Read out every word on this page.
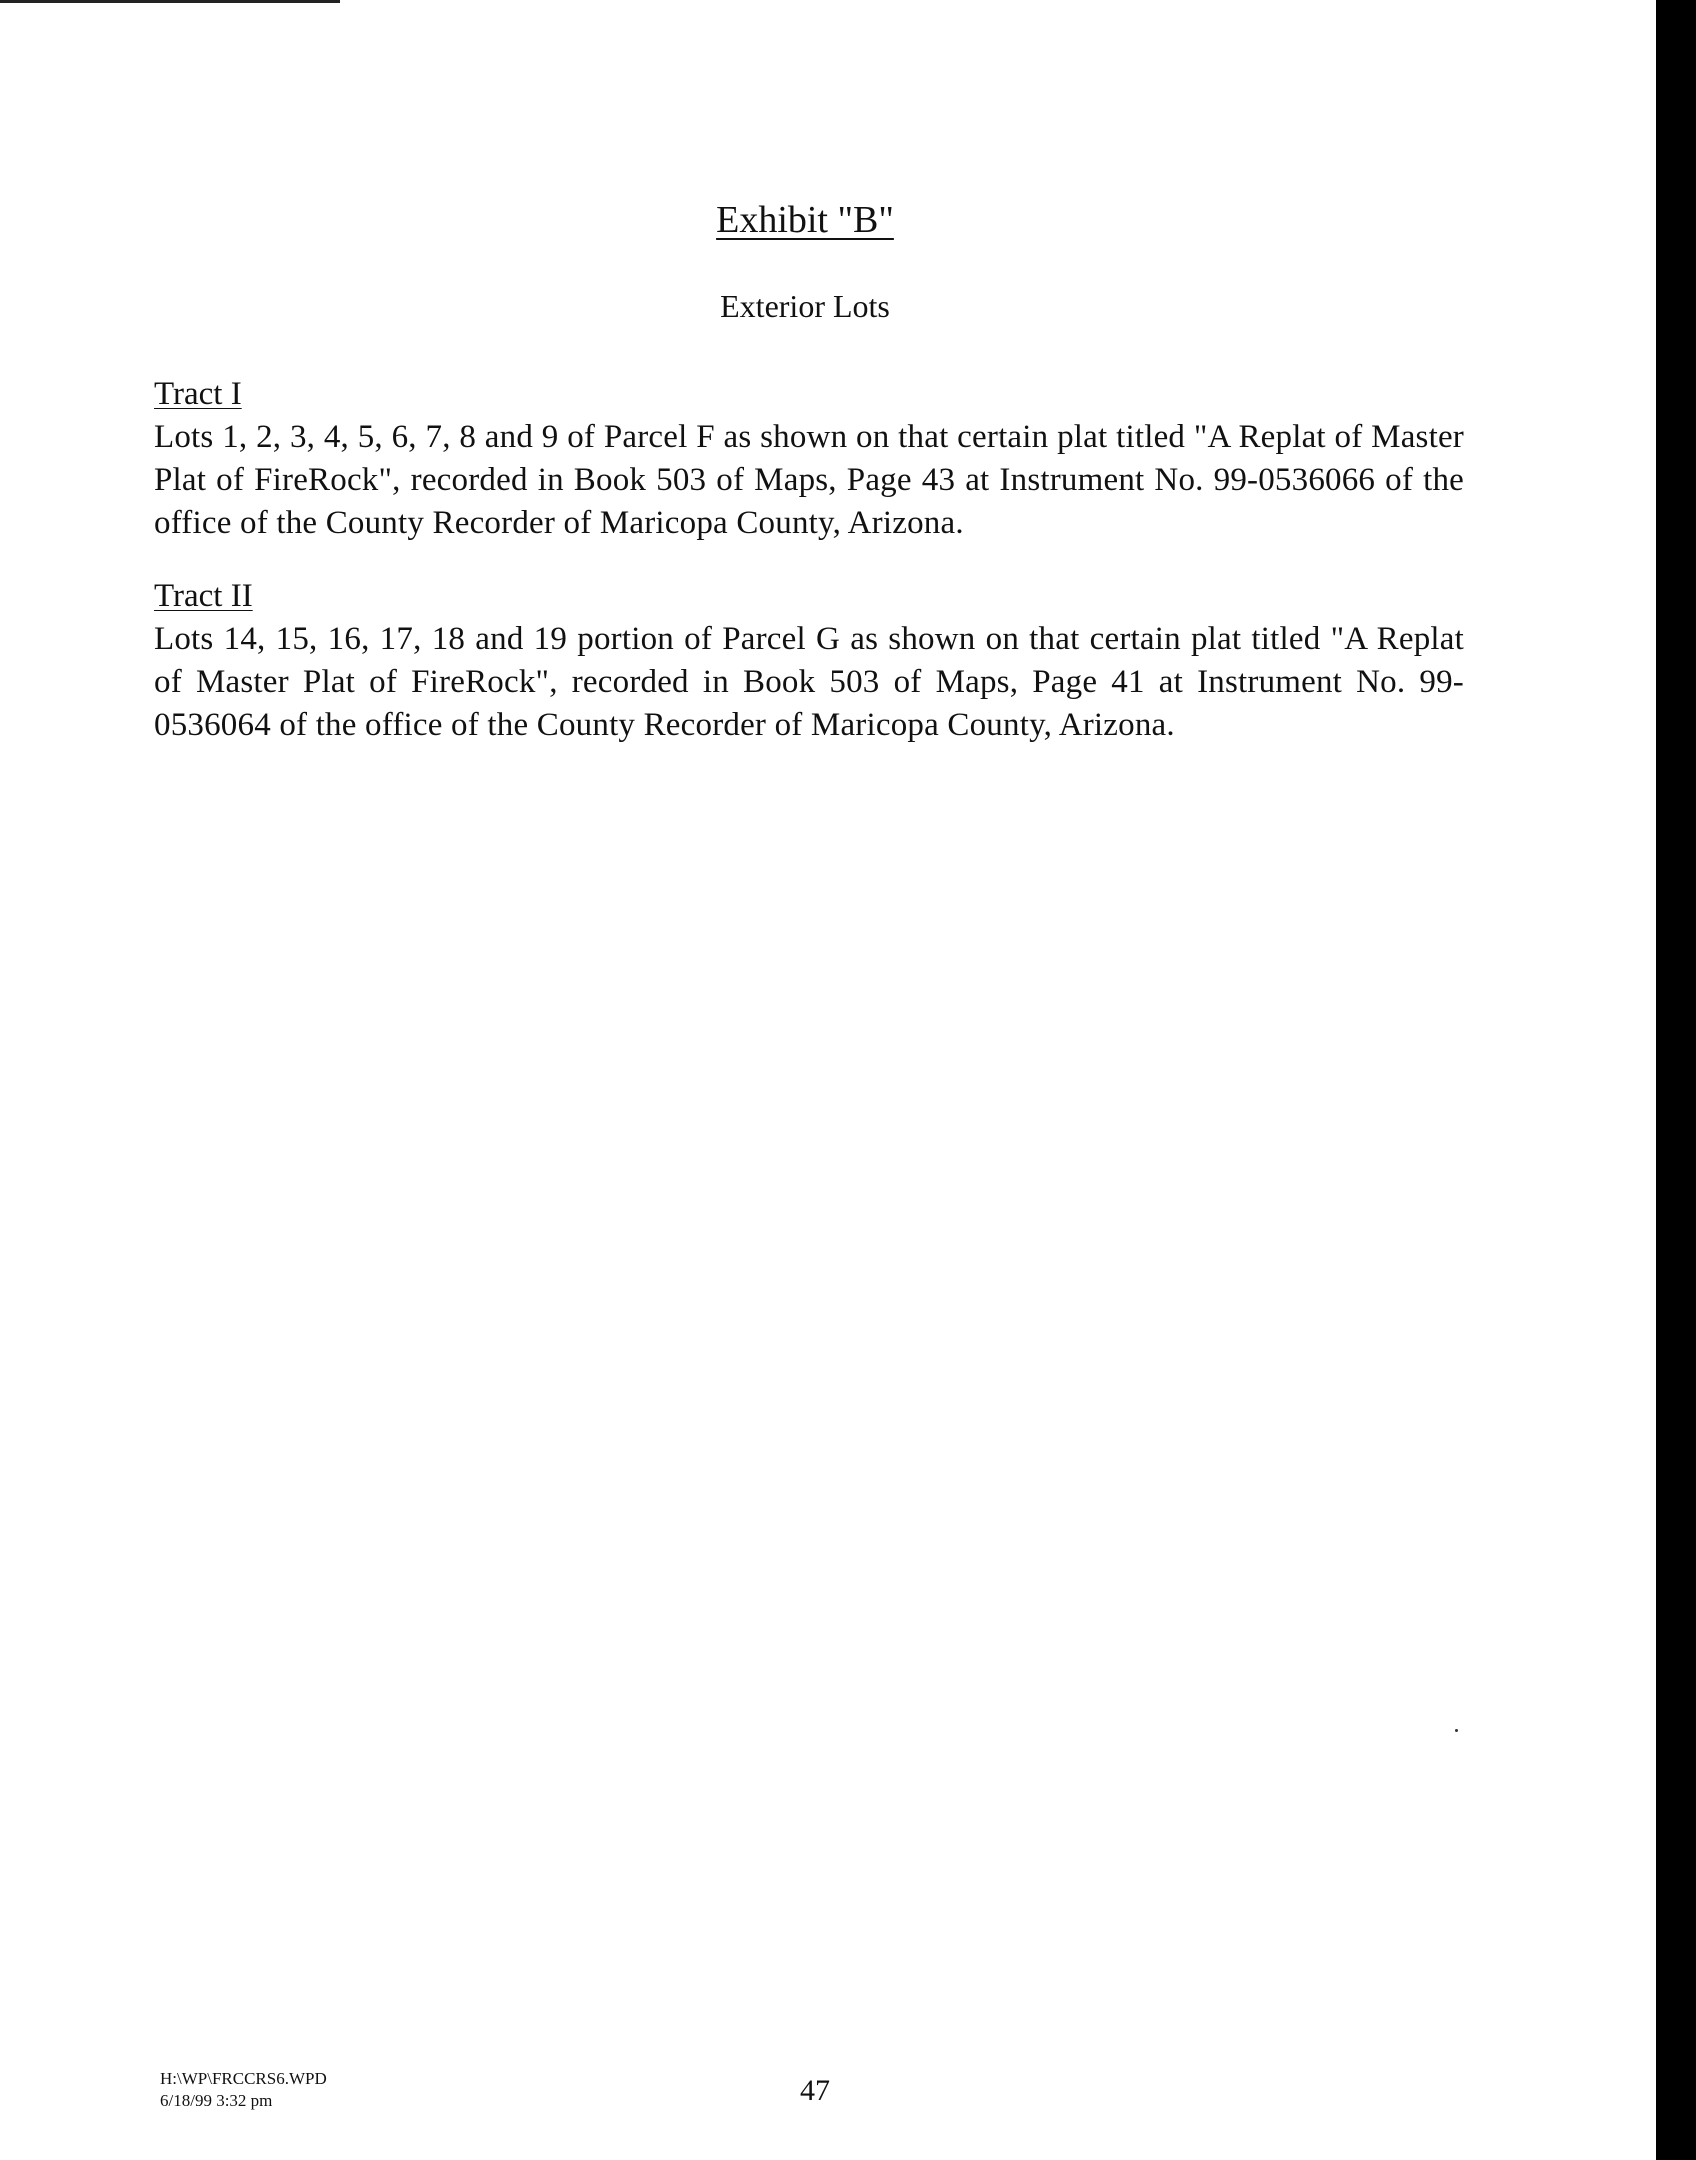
Exhibit "B"
Exterior Lots
Tract I

Lots 1, 2, 3, 4, 5, 6, 7, 8 and 9 of Parcel F as shown on that certain plat titled "A Replat of Master Plat of FireRock", recorded in Book 503 of Maps, Page 43 at Instrument No. 99-0536066 of the office of the County Recorder of Maricopa County, Arizona.

Tract II

Lots 14, 15, 16, 17, 18 and 19 portion of Parcel G as shown on that certain plat titled "A Replat of Master Plat of FireRock", recorded in Book 503 of Maps, Page 41 at Instrument No. 99-0536064 of the office of the County Recorder of Maricopa County, Arizona.

H:\WP\FRCCRS6.WPD
6/18/99 3:32 pm	47
